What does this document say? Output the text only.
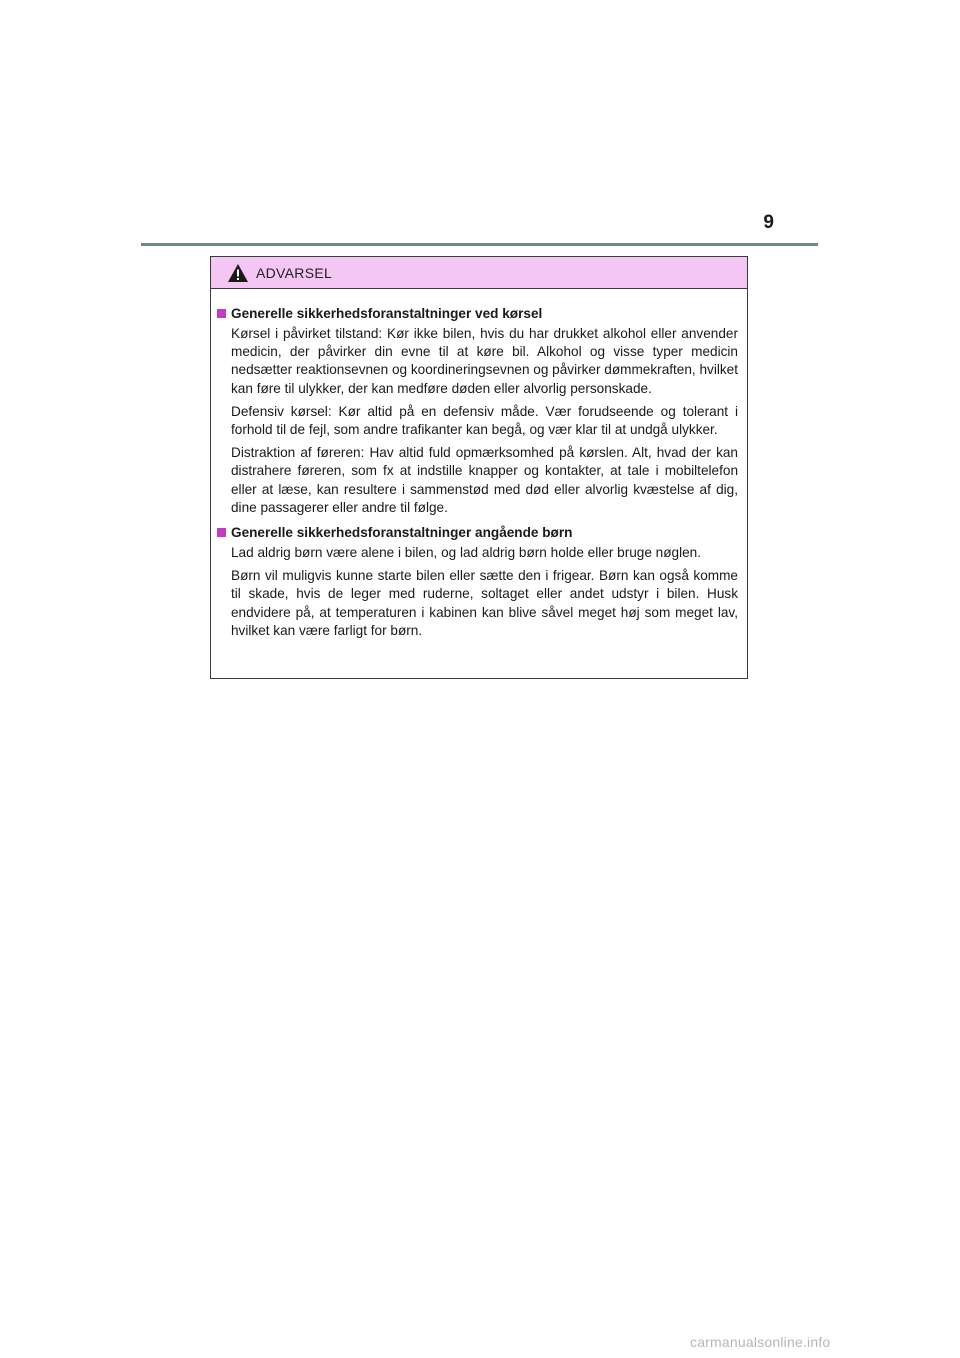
9
ADVARSEL
Generelle sikkerhedsforanstaltninger ved kørsel

Kørsel i påvirket tilstand: Kør ikke bilen, hvis du har drukket alkohol eller anvender medicin, der påvirker din evne til at køre bil. Alkohol og visse typer medicin nedsætter reaktionsevnen og koordineringsevnen og påvirker dømmekraften, hvilket kan føre til ulykker, der kan medføre døden eller alvorlig personskade.

Defensiv kørsel: Kør altid på en defensiv måde. Vær forudseende og tolerant i forhold til de fejl, som andre trafikanter kan begå, og vær klar til at undgå ulykker.

Distraktion af føreren: Hav altid fuld opmærksomhed på kørslen. Alt, hvad der kan distrahere føreren, som fx at indstille knapper og kontakter, at tale i mobiltelefon eller at læse, kan resultere i sammenstød med død eller alvorlig kvæstelse af dig, dine passagerer eller andre til følge.

Generelle sikkerhedsforanstaltninger angående børn

Lad aldrig børn være alene i bilen, og lad aldrig børn holde eller bruge nøglen.

Børn vil muligvis kunne starte bilen eller sætte den i frigear. Børn kan også komme til skade, hvis de leger med ruderne, soltaget eller andet udstyr i bilen. Husk endvidere på, at temperaturen i kabinen kan blive såvel meget høj som meget lav, hvilket kan være farligt for børn.

carmanualsonline.info
